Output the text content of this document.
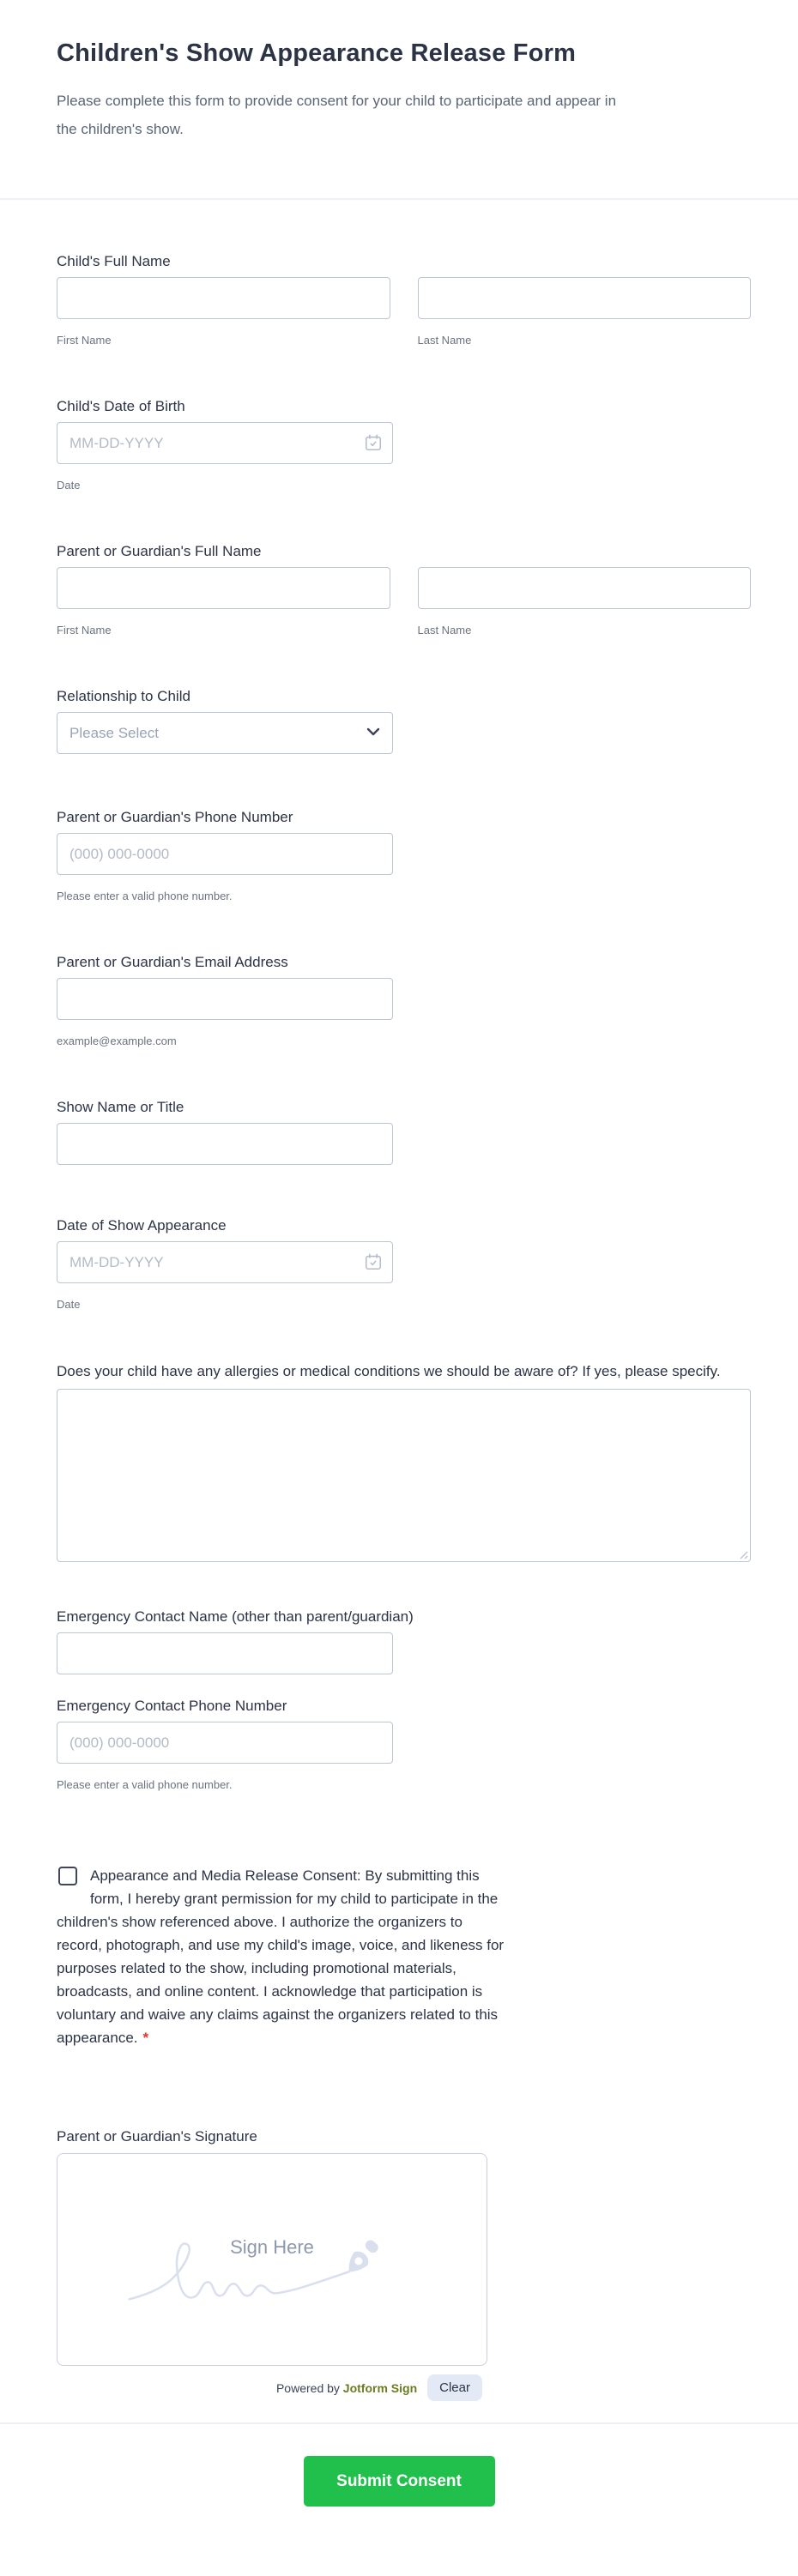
Children's Show Appearance Release Form

Please complete this form to provide consent for your child to participate and appear in the children's show.

Child's Full Name
First Name	Last Name
Child's Date of Birth
MM-DD-YYYY
Date
Parent or Guardian's Full Name
First Name	Last Name
Relationship to Child
Please Select
Parent or Guardian's Phone Number
(000) 000-0000
Please enter a valid phone number.
Parent or Guardian's Email Address
example@example.com
Show Name or Title
Date of Show Appearance
MM-DD-YYYY
Date
Does your child have any allergies or medical conditions we should be aware of? If yes, please specify.
Emergency Contact Name (other than parent/guardian)
Emergency Contact Phone Number
(000) 000-0000
Please enter a valid phone number.
Appearance and Media Release Consent: By submitting this form, I hereby grant permission for my child to participate in the children's show referenced above. I authorize the organizers to record, photograph, and use my child's image, voice, and likeness for purposes related to the show, including promotional materials, broadcasts, and online content. I acknowledge that participation is voluntary and waive any claims against the organizers related to this appearance. *
Parent or Guardian's Signature
Sign Here
Powered by Jotform Sign	Clear
Submit Consent
